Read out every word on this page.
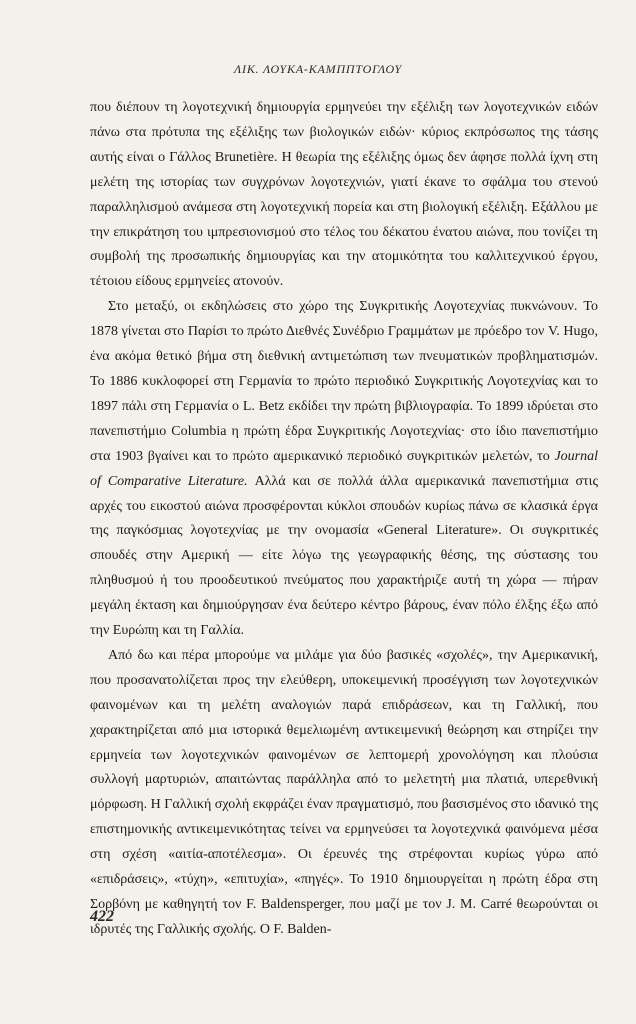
ΛΙΚ. ΛΟΥΚΑ-ΚΑΜΠΠΤΟΓΛΟΥ

που διέπουν τη λογοτεχνική δημιουργία ερμηνεύει την εξέλιξη των λογοτεχνικών ειδών πάνω στα πρότυπα της εξέλιξης των βιολογικών ειδών· κύριος εκπρόσωπος της τάσης αυτής είναι ο Γάλλος Brunetière. Η θεωρία της εξέλιξης όμως δεν άφησε πολλά ίχνη στη μελέτη της ιστορίας των συγχρόνων λογοτεχνιών, γιατί έκανε το σφάλμα του στενού παραλληλισμού ανάμεσα στη λογοτεχνική πορεία και στη βιολογική εξέλιξη. Εξάλλου με την επικράτηση του ιμπρεσιονισμού στο τέλος του δέκατου ένατου αιώνα, που τονίζει τη συμβολή της προσωπικής δημιουργίας και την ατομικότητα του καλλιτεχνικού έργου, τέτοιου είδους ερμηνείες ατονούν.

Στο μεταξύ, οι εκδηλώσεις στο χώρο της Συγκριτικής Λογοτεχνίας πυκνώνουν. Το 1878 γίνεται στο Παρίσι το πρώτο Διεθνές Συνέδριο Γραμμάτων με πρόεδρο τον V. Hugo, ένα ακόμα θετικό βήμα στη διεθνική αντιμετώπιση των πνευματικών προβληματισμών. Το 1886 κυκλοφορεί στη Γερμανία το πρώτο περιοδικό Συγκριτικής Λογοτεχνίας και το 1897 πάλι στη Γερμανία ο L. Betz εκδίδει την πρώτη βιβλιογραφία. Το 1899 ιδρύεται στο πανεπιστήμιο Columbia η πρώτη έδρα Συγκριτικής Λογοτεχνίας· στο ίδιο πανεπιστήμιο στα 1903 βγαίνει και το πρώτο αμερικανικό περιοδικό συγκριτικών μελετών, το Journal of Comparative Literature. Αλλά και σε πολλά άλλα αμερικανικά πανεπιστήμια στις αρχές του εικοστού αιώνα προσφέρονται κύκλοι σπουδών κυρίως πάνω σε κλασικά έργα της παγκόσμιας λογοτεχνίας με την ονομασία «General Literature». Οι συγκριτικές σπουδές στην Αμερική — είτε λόγω της γεωγραφικής θέσης, της σύστασης του πληθυσμού ή του προοδευτικού πνεύματος που χαρακτήριζε αυτή τη χώρα — πήραν μεγάλη έκταση και δημιούργησαν ένα δεύτερο κέντρο βάρους, έναν πόλο έλξης έξω από την Ευρώπη και τη Γαλλία.

Από δω και πέρα μπορούμε να μιλάμε για δύο βασικές «σχολές», την Αμερικανική, που προσανατολίζεται προς την ελεύθερη, υποκειμενική προσέγγιση των λογοτεχνικών φαινομένων και τη μελέτη αναλογιών παρά επιδράσεων, και τη Γαλλική, που χαρακτηρίζεται από μια ιστορικά θεμελιωμένη αντικειμενική θεώρηση και στηρίζει την ερμηνεία των λογοτεχνικών φαινομένων σε λεπτομερή χρονολόγηση και πλούσια συλλογή μαρτυριών, απαιτώντας παράλληλα από το μελετητή μια πλατιά, υπερεθνική μόρφωση. Η Γαλλική σχολή εκφράζει έναν πραγματισμό, που βασισμένος στο ιδανικό της επιστημονικής αντικειμενικότητας τείνει να ερμηνεύσει τα λογοτεχνικά φαινόμενα μέσα στη σχέση «αιτία-αποτέλεσμα». Οι έρευνές της στρέφονται κυρίως γύρω από «επιδράσεις», «τύχη», «επιτυχία», «πηγές». Το 1910 δημιουργείται η πρώτη έδρα στη Σορβόνη με καθηγητή τον F. Baldensperger, που μαζί με τον J. M. Carré θεωρούνται οι ιδρυτές της Γαλλικής σχολής. Ο F. Balden-

422
